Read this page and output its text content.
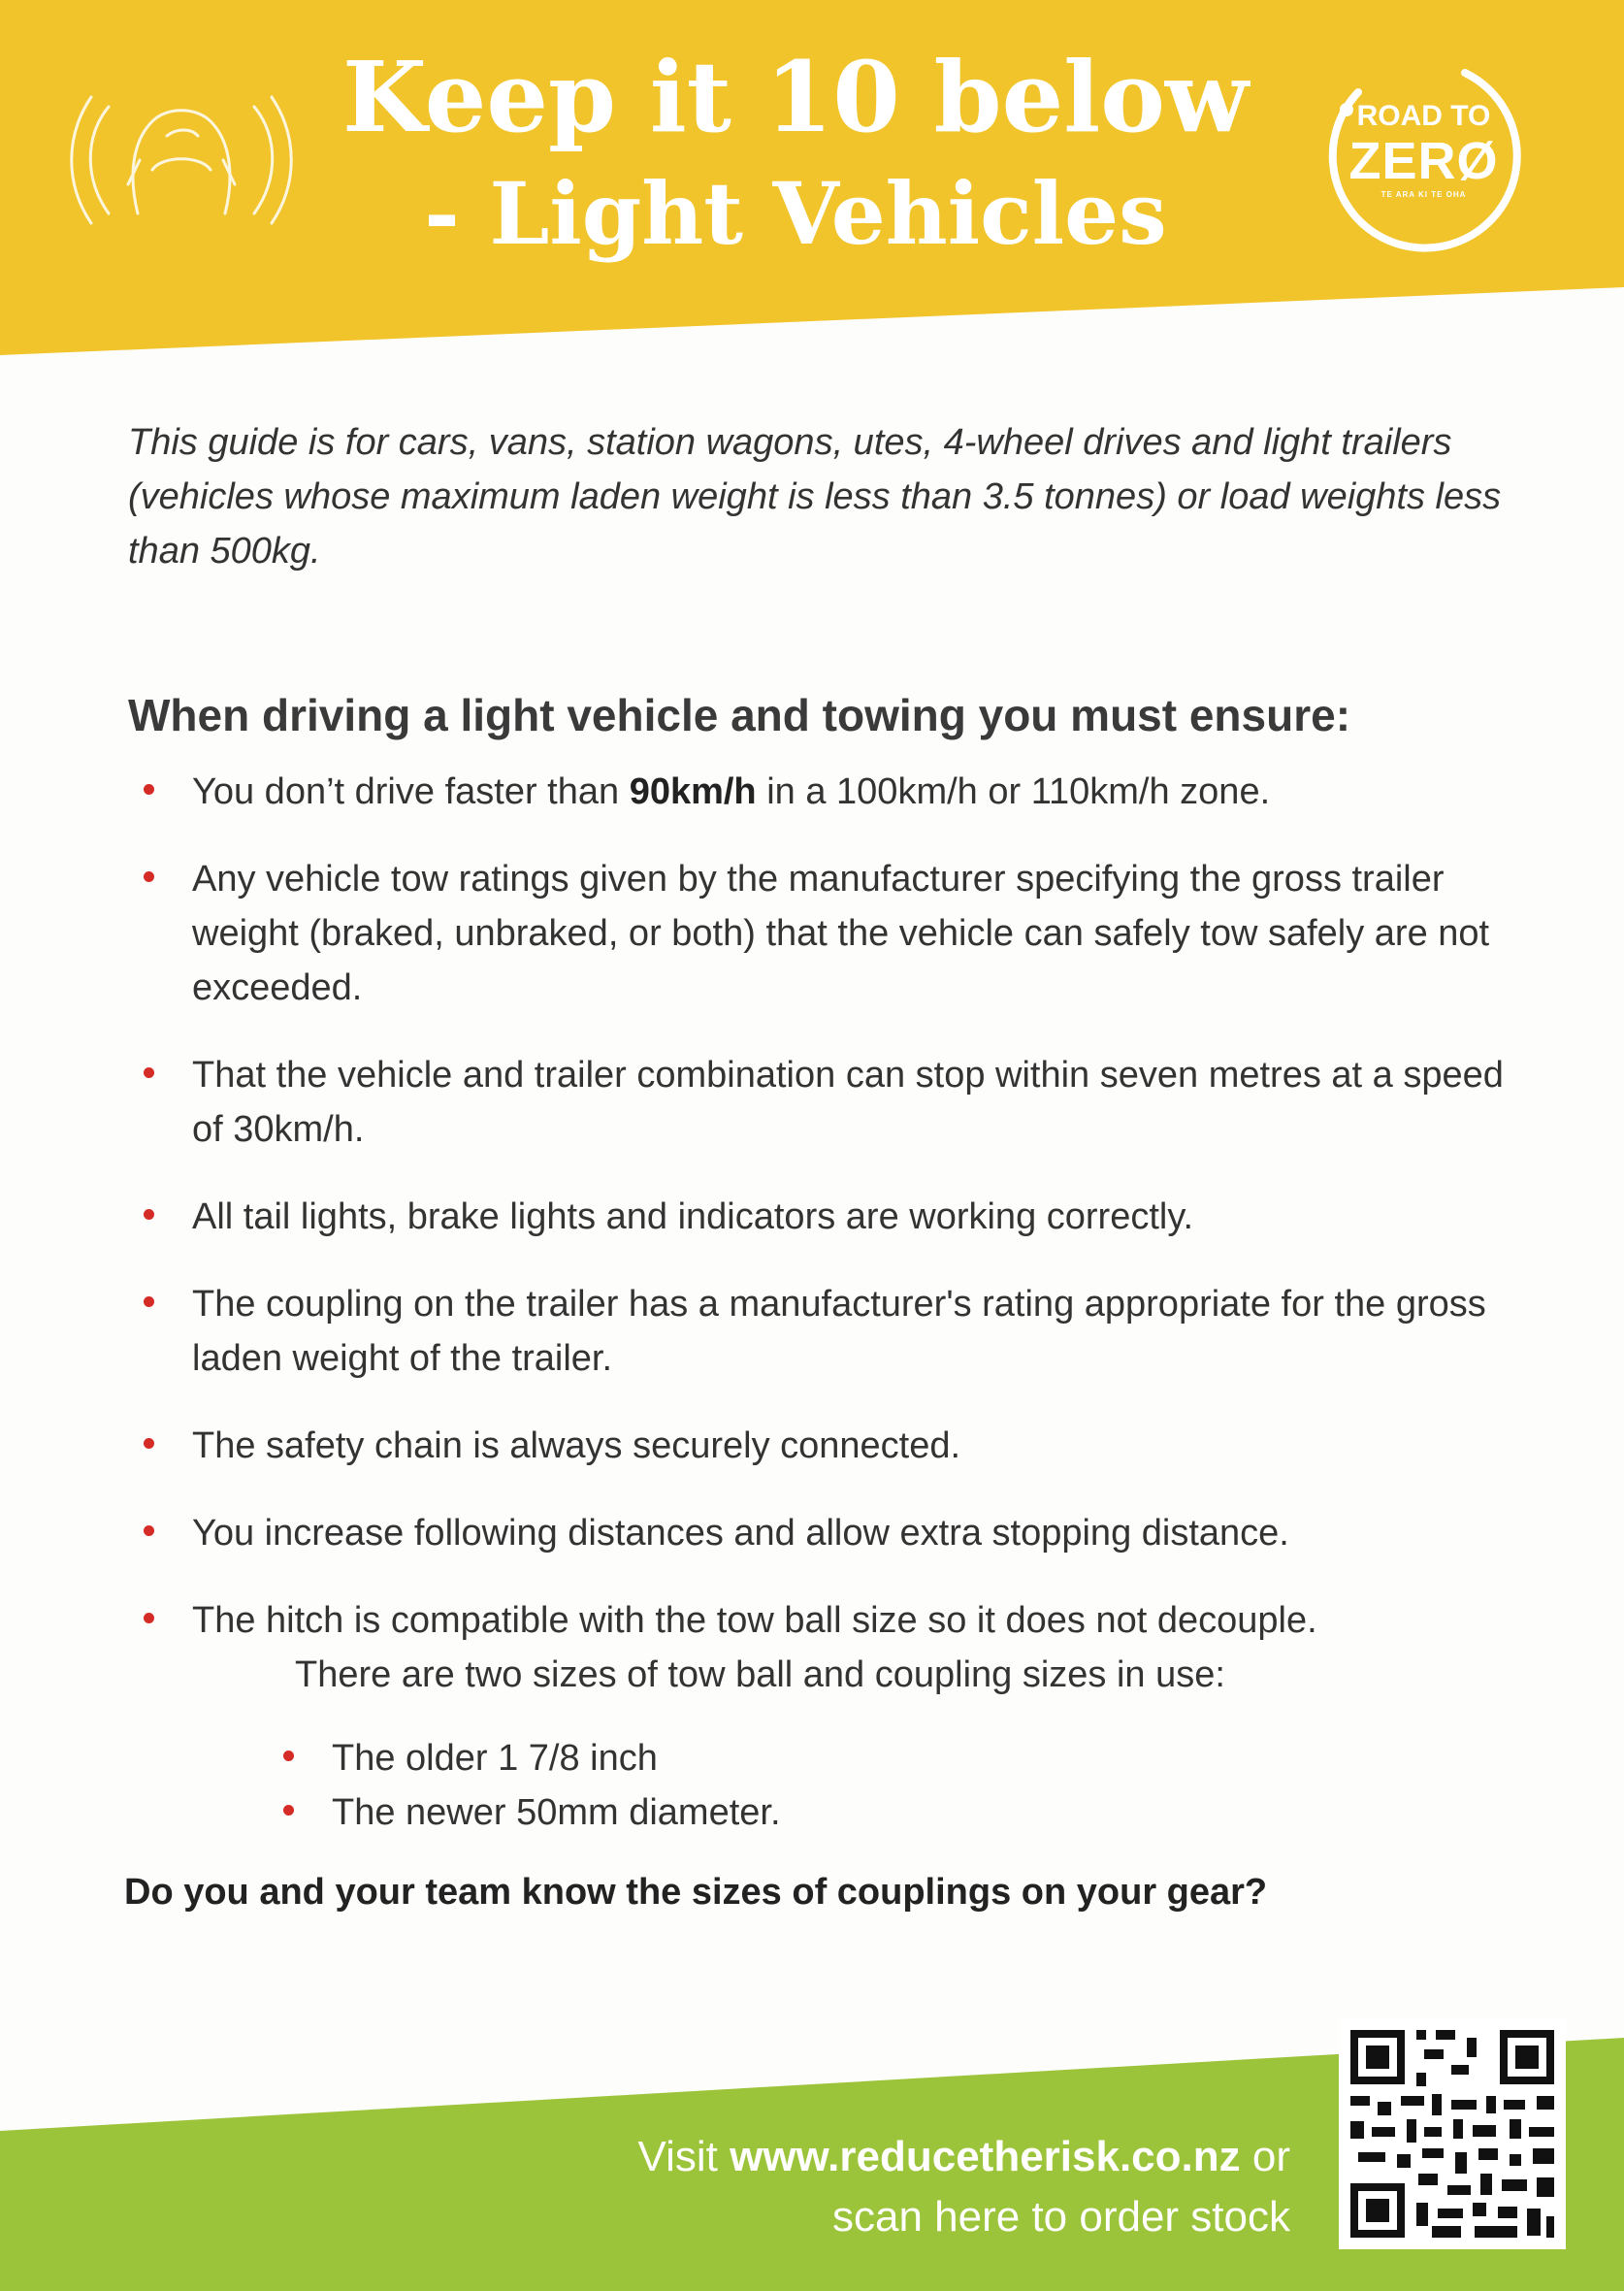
Keep it 10 below
- Light Vehicles
ROAD TO
ZERØ
TE ARA KI TE OHA
This guide is for cars, vans, station wagons, utes, 4-wheel drives and light trailers (vehicles whose maximum laden weight is less than 3.5 tonnes) or load weights less than 500kg.
When driving a light vehicle and towing you must ensure:
You don’t drive faster than 90km/h in a 100km/h or 110km/h zone.
Any vehicle tow ratings given by the manufacturer specifying the gross trailer weight (braked, unbraked, or both) that the vehicle can safely tow safely are not exceeded.
That the vehicle and trailer combination can stop within seven metres at a speed of 30km/h.
All tail lights, brake lights and indicators are working correctly.
The coupling on the trailer has a manufacturer's rating appropriate for the gross laden weight of the trailer.
The safety chain is always securely connected.
You increase following distances and allow extra stopping distance.
The hitch is compatible with the tow ball size so it does not decouple.
There are two sizes of tow ball and coupling sizes in use:
The older 1 7/8 inch
The newer 50mm diameter.
Do you and your team know the sizes of couplings on your gear?
Visit www.reducetherisk.co.nz or
scan here to order stock
